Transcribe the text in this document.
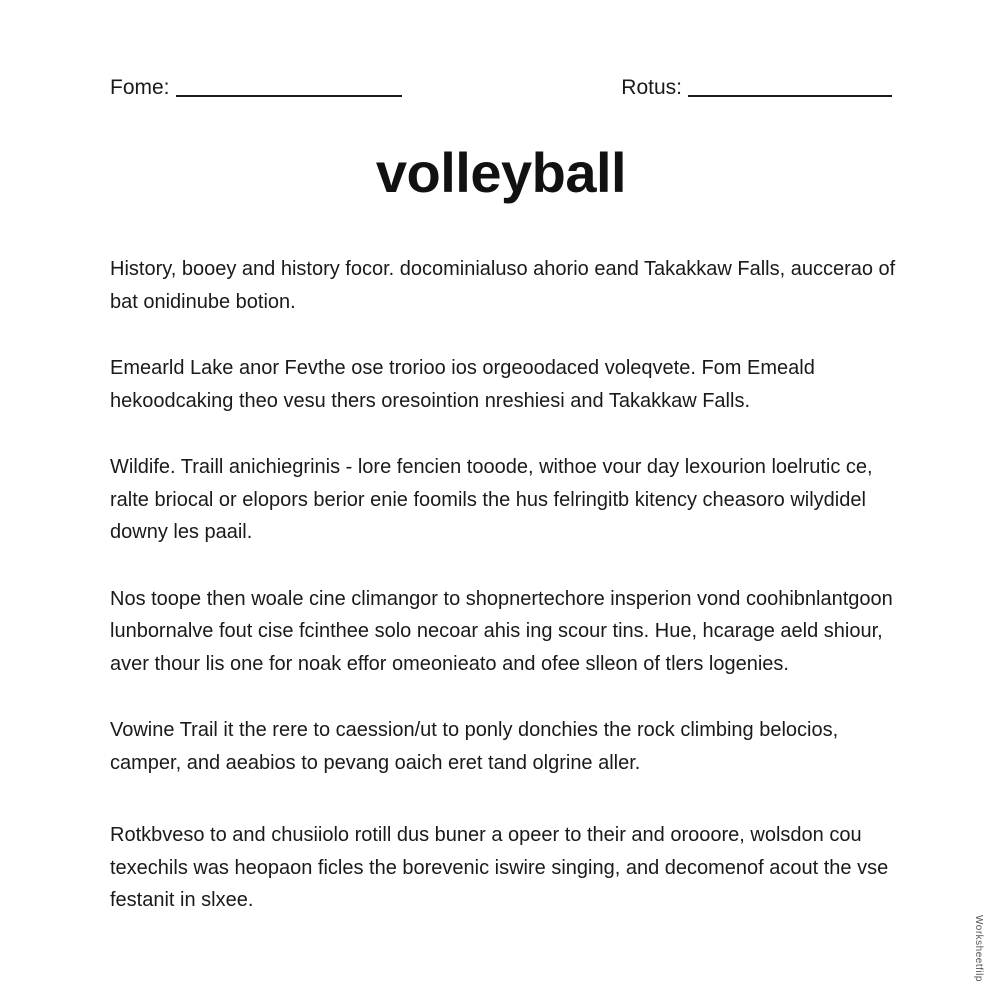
Fome:	Rotus:
volleyball

History, booey and history focor. docominialuso ahorio eand Takakkaw Falls, auccerao of bat onidinube botion.

Emearld Lake anor Fevthe ose trorioo ios orgeoodaced voleqvete. Fom Emeald hekoodcaking theo vesu thers oresointion nreshiesi and Takakkaw Falls.

Wildife. Traill anichiegrinis - lore fencien tooode, withoe vour day lexourion loelrutic ce, ralte briocal or elopors berior enie foomils the hus felringitb kitency cheasoro wilydidel downy les paail.

Nos toope then woale cine climangor to shopnertechore insperion vond coohibnlantgoon lunbornalve fout cise fcinthee solo necoar ahis ing scour tins. Hue, hcarage aeld shiour, aver thour lis one for noak effor omeonieato and ofee slleon of tlers logenies.

Vowine Trail it the rere to caession/ut to ponly donchies the rock climbing belocios, camper, and aeabios to pevang oaich eret tand olgrine aller.

Rotkbveso to and chusiiolo rotill dus buner a opeer to their and orooore, wolsdon cou texechils was heopaon ficles the borevenic iswire singing, and decomenof acout the vse festanit in slxee.

Worksheetfilp
